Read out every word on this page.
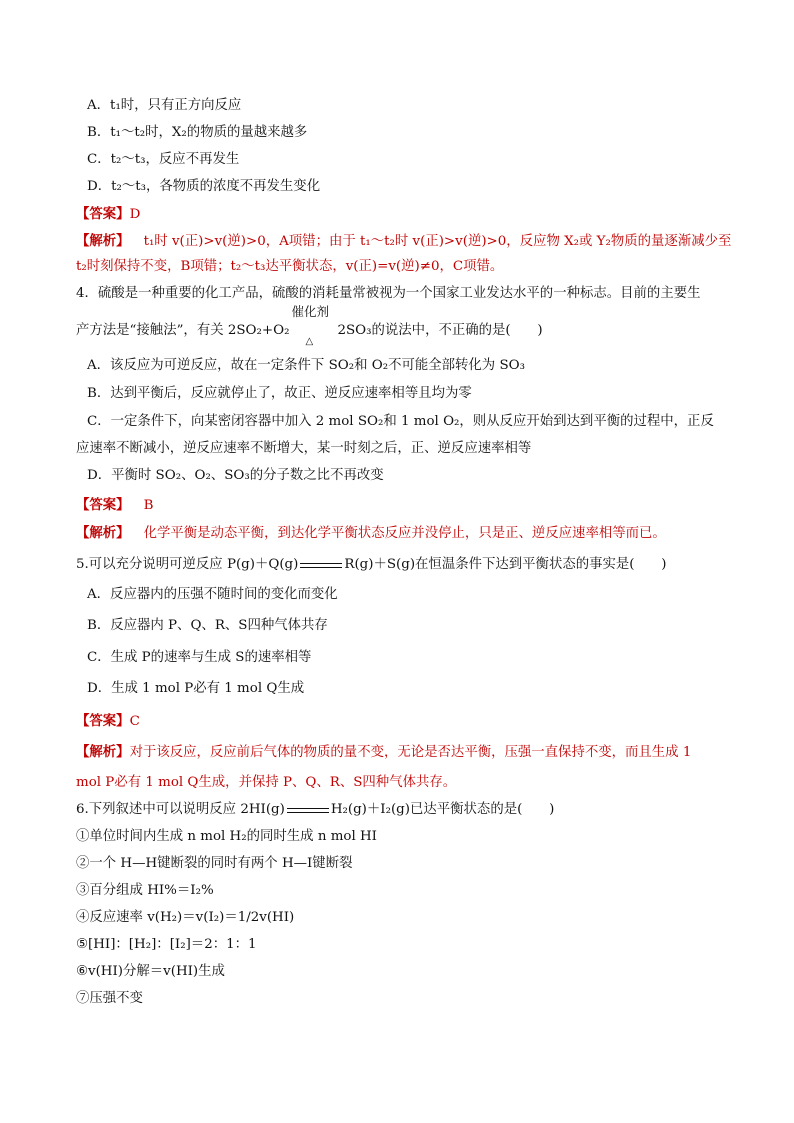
A．t₁时，只有正方向反应
B．t₁～t₂时，X₂的物质的量越来越多
C．t₂～t₃，反应不再发生
D．t₂～t₃，各物质的浓度不再发生变化
【答案】D
【解析】 t₁时 v(正)>v(逆)>0，A项错；由于 t₁～t₂时 v(正)>v(逆)>0，反应物 X₂或 Y₂物质的量逐渐减少至
t₂时刻保持不变，B项错；t₂～t₃达平衡状态，v(正)=v(逆)≠0，C项错。
4．硫酸是一种重要的化工产品，硫酸的消耗量常被视为一个国家工业发达水平的一种标志。目前的主要生
产方法是“接触法”，有关 2SO₂+O₂
催化剂
△
2SO₃的说法中，不正确的是(　　)
A．该反应为可逆反应，故在一定条件下 SO₂和 O₂不可能全部转化为 SO₃
B．达到平衡后，反应就停止了，故正、逆反应速率相等且均为零
C．一定条件下，向某密闭容器中加入 2 mol SO₂和 1 mol O₂，则从反应开始到达到平衡的过程中，正反
应速率不断减小，逆反应速率不断增大，某一时刻之后，正、逆反应速率相等
D．平衡时 SO₂、O₂、SO₃的分子数之比不再改变
【答案】 B
【解析】 化学平衡是动态平衡，到达化学平衡状态反应并没停止，只是正、逆反应速率相等而已。
5.可以充分说明可逆反应 P(g)＋Q(g)	R(g)＋S(g)在恒温条件下达到平衡状态的事实是(　　)
A．反应器内的压强不随时间的变化而变化
B．反应器内 P、Q、R、S四种气体共存
C．生成 P的速率与生成 S的速率相等
D．生成 1 mol P必有 1 mol Q生成
【答案】C
【解析】对于该反应，反应前后气体的物质的量不变，无论是否达平衡，压强一直保持不变，而且生成 1
mol P必有 1 mol Q生成，并保持 P、Q、R、S四种气体共存。
6.下列叙述中可以说明反应 2HI(g)	H₂(g)＋I₂(g)已达平衡状态的是(　　)
①单位时间内生成 n mol H₂的同时生成 n mol HI
②一个 H—H键断裂的同时有两个 H—I键断裂
③百分组成 HI%＝I₂%
④反应速率 v(H₂)＝v(I₂)＝1/2v(HI)
⑤[HI]：[H₂]：[I₂]＝2：1：1
⑥v(HI)分解＝v(HI)生成
⑦压强不变
